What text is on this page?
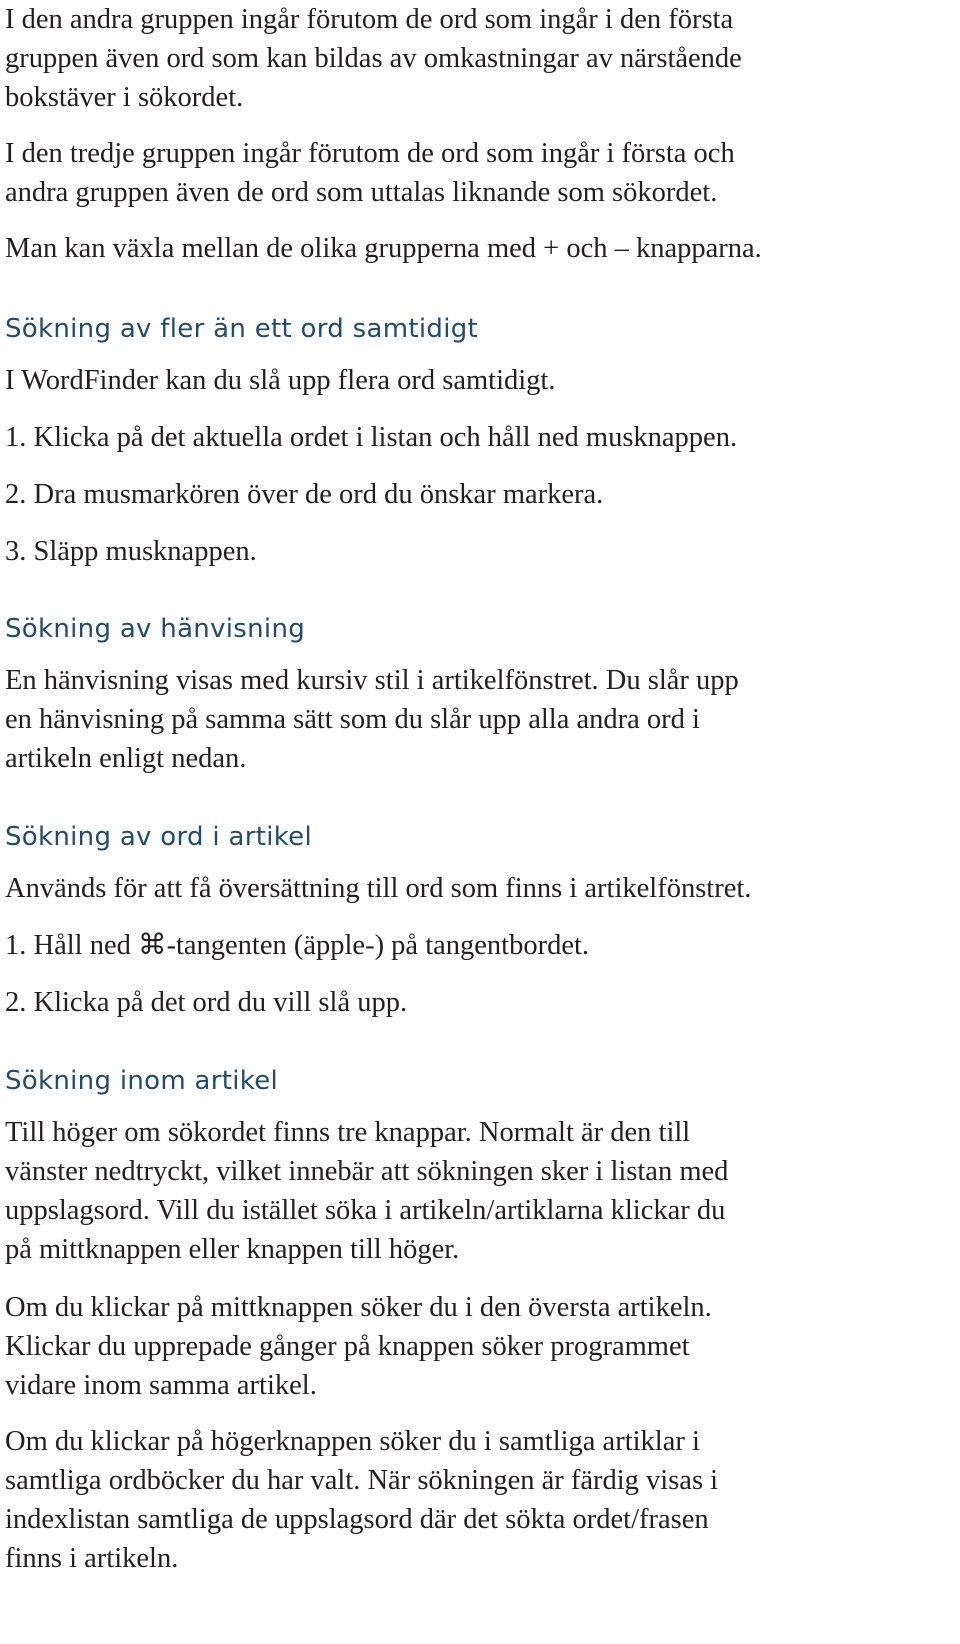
I den andra gruppen ingår förutom de ord som ingår i den första
gruppen även ord som kan bildas av omkastningar av närstående
bokstäver i sökordet.

I den tredje gruppen ingår förutom de ord som ingår i första och
andra gruppen även de ord som uttalas liknande som sökordet.

Man kan växla mellan de olika grupperna med + och – knapparna.

Sökning av fler än ett ord samtidigt

I WordFinder kan du slå upp flera ord samtidigt.

1. Klicka på det aktuella ordet i listan och håll ned musknappen.

2. Dra musmarkören över de ord du önskar markera.

3. Släpp musknappen.

Sökning av hänvisning

En hänvisning visas med kursiv stil i artikelfönstret. Du slår upp
en hänvisning på samma sätt som du slår upp alla andra ord i
artikeln enligt nedan.

Sökning av ord i artikel

Används för att få översättning till ord som finns i artikelfönstret.

1. Håll ned ⌘-tangenten (äpple-) på tangentbordet.

2. Klicka på det ord du vill slå upp.

Sökning inom artikel

Till höger om sökordet finns tre knappar. Normalt är den till
vänster nedtryckt, vilket innebär att sökningen sker i listan med
uppslagsord. Vill du istället söka i artikeln/artiklarna klickar du
på mittknappen eller knappen till höger.

Om du klickar på mittknappen söker du i den översta artikeln.
Klickar du upprepade gånger på knappen söker programmet
vidare inom samma artikel.

Om du klickar på högerknappen söker du i samtliga artiklar i
samtliga ordböcker du har valt. När sökningen är färdig visas i
indexlistan samtliga de uppslagsord där det sökta ordet/frasen
finns i artikeln.
